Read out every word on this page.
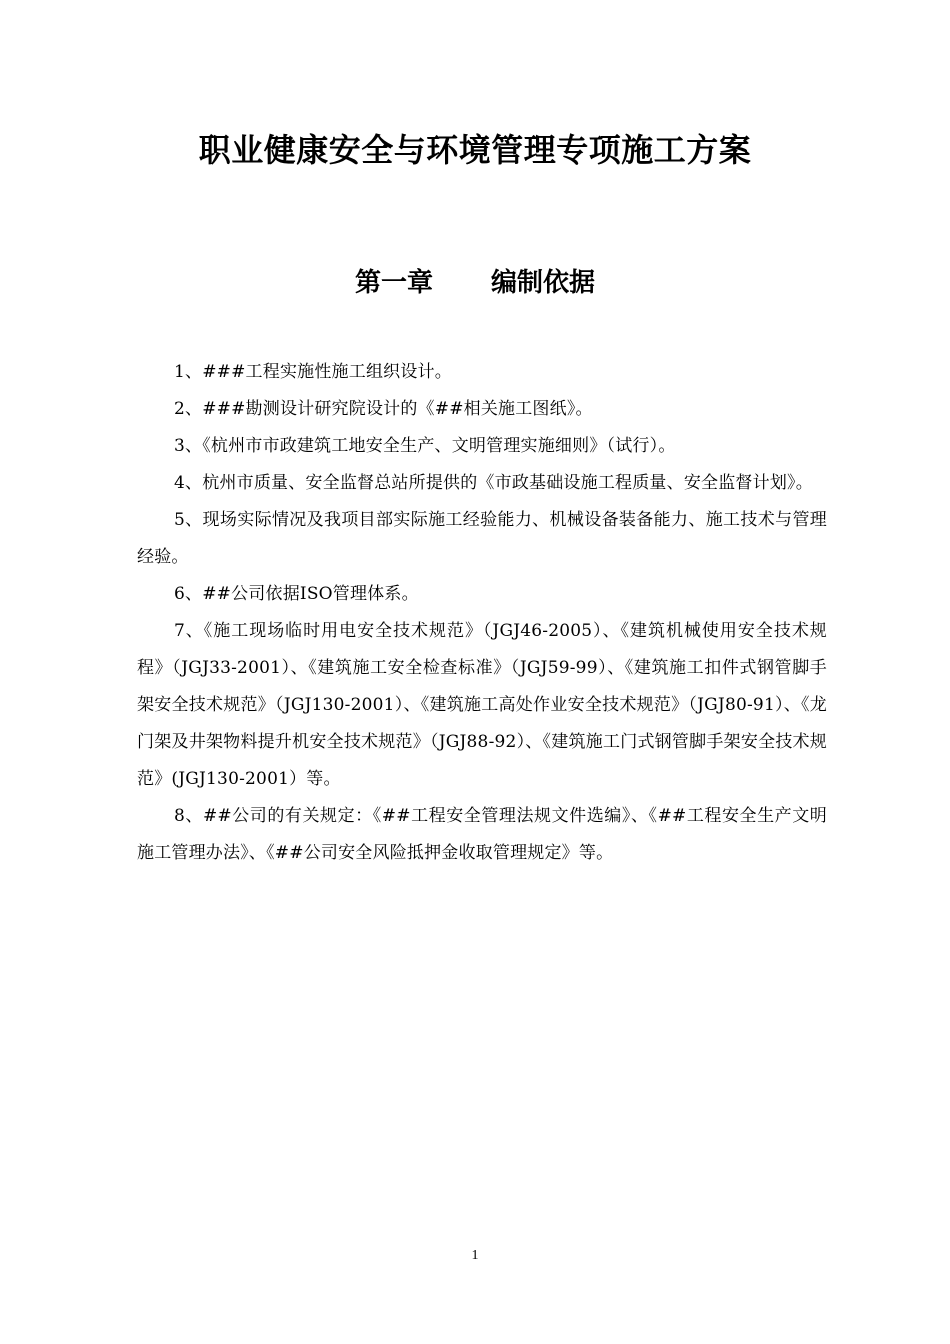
职业健康安全与环境管理专项施工方案
第一章 编制依据

1、###工程实施性施工组织设计。

2、###勘测设计研究院设计的《##相关施工图纸》。

3、《杭州市市政建筑工地安全生产、文明管理实施细则》（试行）。

4、杭州市质量、安全监督总站所提供的《市政基础设施工程质量、安全监督计划》。

5、现场实际情况及我项目部实际施工经验能力、机械设备装备能力、施工技术与管理经验。

6、##公司依据ISO管理体系。

7、《施工现场临时用电安全技术规范》（JGJ46-2005）、《建筑机械使用安全技术规程》（JGJ33-2001）、《建筑施工安全检查标准》（JGJ59-99）、《建筑施工扣件式钢管脚手架安全技术规范》（JGJ130-2001）、《建筑施工高处作业安全技术规范》（JGJ80-91）、《龙门架及井架物料提升机安全技术规范》（JGJ88-92）、《建筑施工门式钢管脚手架安全技术规范》(JGJ130-2001）等。

8、##公司的有关规定：《##工程安全管理法规文件选编》、《##工程安全生产文明施工管理办法》、《##公司安全风险抵押金收取管理规定》等。

1
